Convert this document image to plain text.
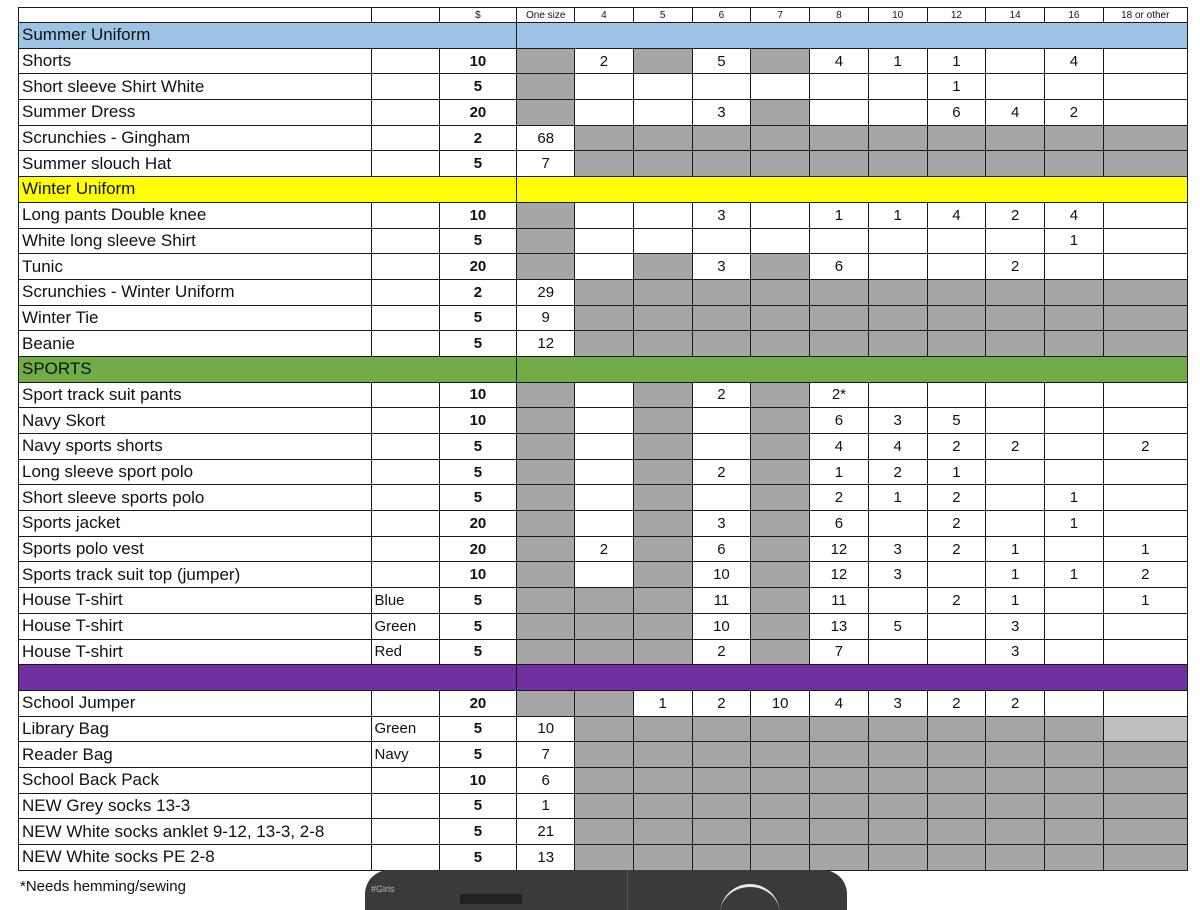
		$	One size	4	5	6	7	8	10	12	14	16	18 or other
Summer Uniform													
Shorts		10		2		5		4	1	1		4	
Short sleeve Shirt White		5								1			
Summer Dress		20				3				6	4	2	
Scrunchies - Gingham		2	68										
Summer slouch Hat		5	7										
Winter Uniform													
Long pants Double knee		10				3		1	1	4	2	4	
White long sleeve Shirt		5										1	
Tunic		20				3		6			2		
Scrunchies - Winter Uniform		2	29										
Winter Tie		5	9										
Beanie		5	12										
SPORTS													
Sport track suit pants		10				2		2*					
Navy Skort		10						6	3	5			
Navy sports shorts		5						4	4	2	2		2
Long sleeve sport polo		5				2		1	2	1			
Short sleeve sports polo		5						2	1	2		1	
Sports jacket		20				3		6		2		1	
Sports polo vest		20		2		6		12	3	2	1		1
Sports track suit top (jumper)		10				10		12	3		1	1	2
House T-shirt	Blue	5				11		11		2	1		1
House T-shirt	Green	5				10		13	5		3		
House T-shirt	Red	5				2		7			3		

School Jumper		20			1	2	10	4	3	2	2		
Library Bag	Green	5	10										
Reader Bag	Navy	5	7										
School Back Pack		10	6										
NEW Grey socks 13-3		5	1										
NEW White socks anklet 9-12, 13-3, 2-8		5	21										
NEW White socks PE 2-8		5	13										
*Needs hemming/sewing	#Girls
